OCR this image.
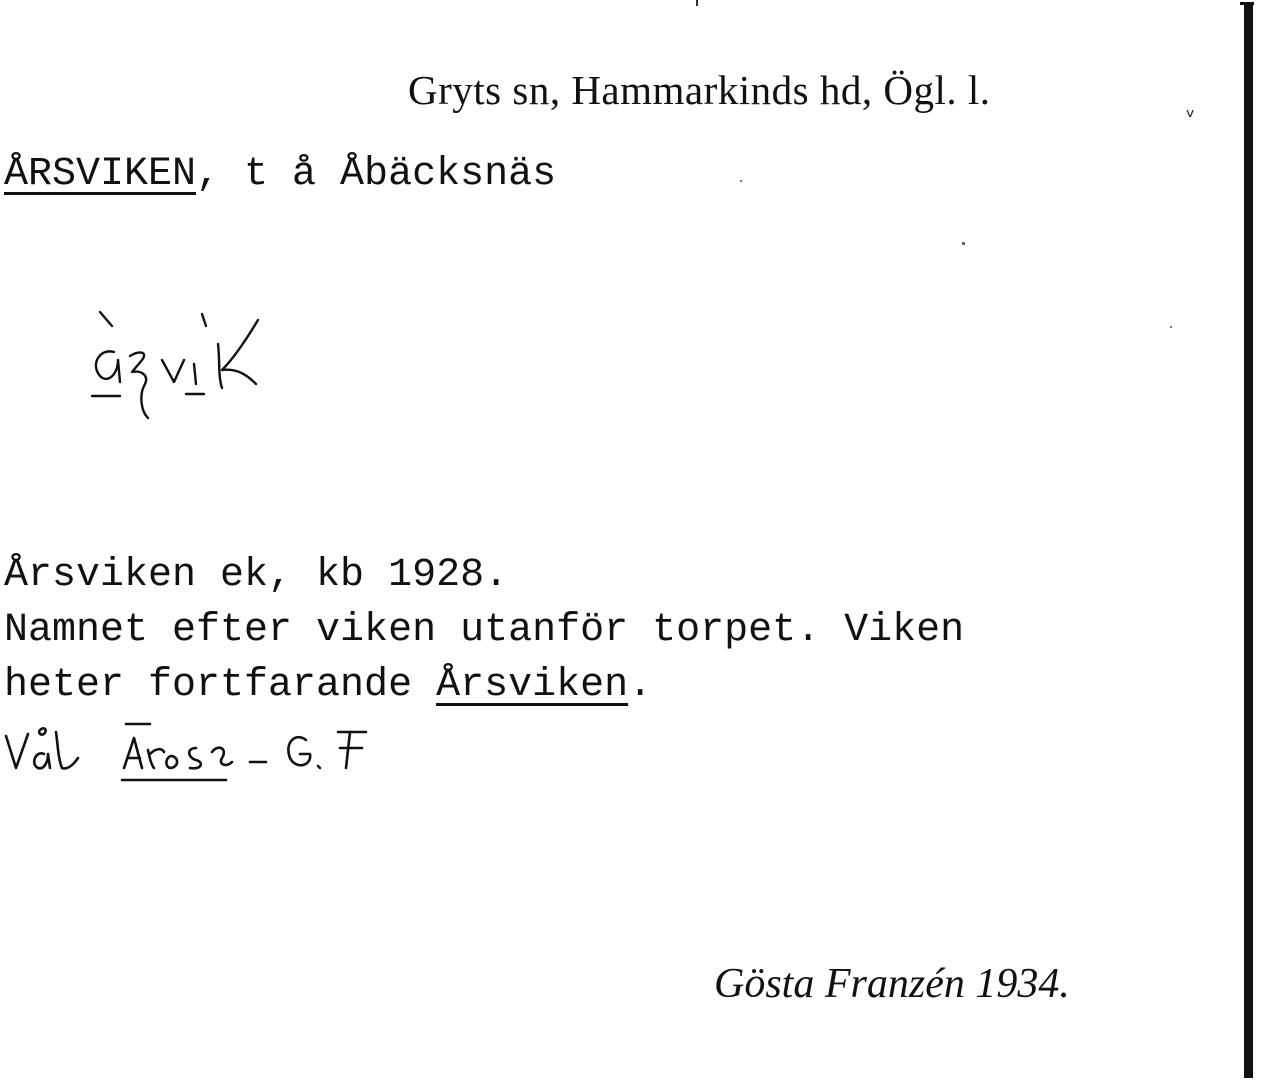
Gryts sn, Hammarkinds hd, Ögl. l.	ᵥ
ÅRSVIKEN, t å Åbäcksnäs
Årsviken ek, kb 1928.
Namnet efter viken utanför torpet. Viken
heter fortfarande Årsviken.
Gösta Franzén 1934.
